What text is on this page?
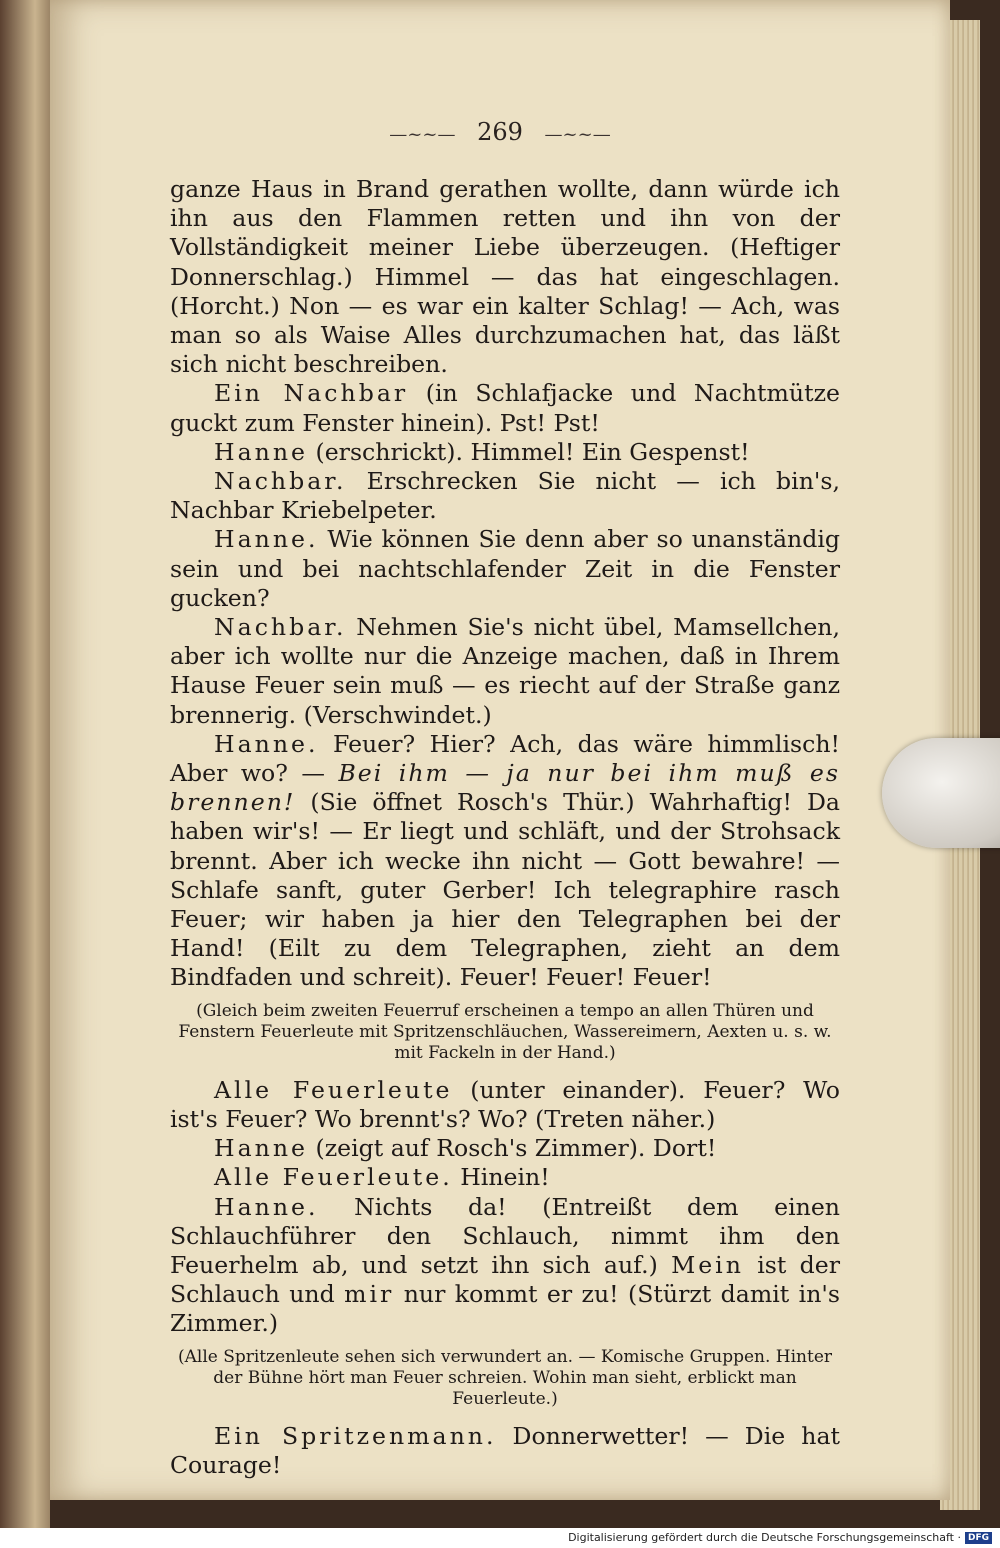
—~~— 269 —~~—

ganze Haus in Brand gerathen wollte, dann würde ich ihn aus den Flammen retten und ihn von der Vollständigkeit meiner Liebe überzeugen. (Heftiger Donnerschlag.) Himmel — das hat eingeschlagen. (Horcht.) Non — es war ein kalter Schlag! — Ach, was man so als Waise Alles durchzumachen hat, das läßt sich nicht beschreiben.

Ein Nachbar (in Schlafjacke und Nachtmütze guckt zum Fenster hinein). Pst! Pst!

Hanne (erschrickt). Himmel! Ein Gespenst!

Nachbar. Erschrecken Sie nicht — ich bin's, Nachbar Kriebelpeter.

Hanne. Wie können Sie denn aber so unanständig sein und bei nachtschlafender Zeit in die Fenster gucken?

Nachbar. Nehmen Sie's nicht übel, Mamsellchen, aber ich wollte nur die Anzeige machen, daß in Ihrem Hause Feuer sein muß — es riecht auf der Straße ganz brennerig. (Verschwindet.)

Hanne. Feuer? Hier? Ach, das wäre himmlisch! Aber wo? — Bei ihm — ja nur bei ihm muß es brennen! (Sie öffnet Rosch's Thür.) Wahrhaftig! Da haben wir's! — Er liegt und schläft, und der Strohsack brennt. Aber ich wecke ihn nicht — Gott bewahre! — Schlafe sanft, guter Gerber! Ich telegraphire rasch Feuer; wir haben ja hier den Telegraphen bei der Hand! (Eilt zu dem Telegraphen, zieht an dem Bindfaden und schreit). Feuer! Feuer! Feuer!

(Gleich beim zweiten Feuerruf erscheinen a tempo an allen Thüren und Fenstern Feuerleute mit Spritzenschläuchen, Wassereimern, Aexten u. s. w. mit Fackeln in der Hand.)

Alle Feuerleute (unter einander). Feuer? Wo ist's Feuer? Wo brennt's? Wo? (Treten näher.)

Hanne (zeigt auf Rosch's Zimmer). Dort!

Alle Feuerleute. Hinein!

Hanne. Nichts da! (Entreißt dem einen Schlauchführer den Schlauch, nimmt ihm den Feuerhelm ab, und setzt ihn sich auf.) Mein ist der Schlauch und mir nur kommt er zu! (Stürzt damit in's Zimmer.)

(Alle Spritzenleute sehen sich verwundert an. — Komische Gruppen. Hinter der Bühne hört man Feuer schreien. Wohin man sieht, erblickt man Feuerleute.)

Ein Spritzenmann. Donnerwetter! — Die hat Courage!

Digitalisierung gefördert durch die Deutsche Forschungsgemeinschaft · DFG
